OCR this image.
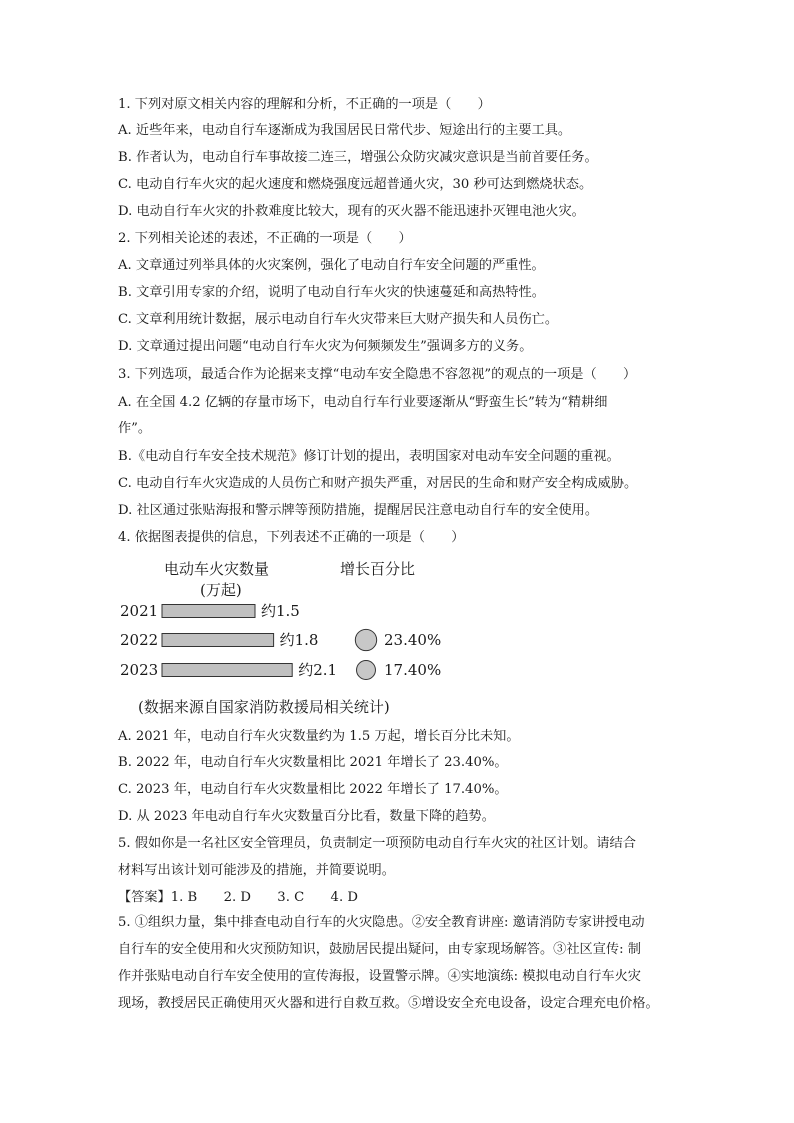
1. 下列对原文相关内容的理解和分析，不正确的一项是（　　）
A. 近些年来，电动自行车逐渐成为我国居民日常代步、短途出行的主要工具。
B. 作者认为，电动自行车事故接二连三，增强公众防灾减灾意识是当前首要任务。
C. 电动自行车火灾的起火速度和燃烧强度远超普通火灾，30 秒可达到燃烧状态。
D. 电动自行车火灾的扑救难度比较大，现有的灭火器不能迅速扑灭锂电池火灾。
2. 下列相关论述的表述，不正确的一项是（　　）
A. 文章通过列举具体的火灾案例，强化了电动自行车安全问题的严重性。
B. 文章引用专家的介绍，说明了电动自行车火灾的快速蔓延和高热特性。
C. 文章利用统计数据，展示电动自行车火灾带来巨大财产损失和人员伤亡。
D. 文章通过提出问题“电动自行车火灾为何频频发生”强调多方的义务。
3. 下列选项，最适合作为论据来支撑“电动车安全隐患不容忽视”的观点的一项是（　　）
A. 在全国 4.2 亿辆的存量市场下，电动自行车行业要逐渐从“野蛮生长”转为“精耕细
作”。
B.《电动自行车安全技术规范》修订计划的提出，表明国家对电动车安全问题的重视。
C. 电动自行车火灾造成的人员伤亡和财产损失严重，对居民的生命和财产安全构成威胁。
D. 社区通过张贴海报和警示牌等预防措施，提醒居民注意电动自行车的安全使用。
4. 依据图表提供的信息，下列表述不正确的一项是（　　）
A. 2021 年，电动自行车火灾数量约为 1.5 万起，增长百分比未知。
B. 2022 年，电动自行车火灾数量相比 2021 年增长了 23.40%。
C. 2023 年，电动自行车火灾数量相比 2022 年增长了 17.40%。
D. 从 2023 年电动自行车火灾数量百分比看，数量下降的趋势。
5. 假如你是一名社区安全管理员，负责制定一项预防电动自行车火灾的社区计划。请结合
材料写出该计划可能涉及的措施，并简要说明。
【答案】1. B　　2. D　　3. C　　4. D
5. ①组织力量，集中排查电动自行车的火灾隐患。②安全教育讲座: 邀请消防专家讲授电动
自行车的安全使用和火灾预防知识，鼓励居民提出疑问，由专家现场解答。③社区宣传: 制
作并张贴电动自行车安全使用的宣传海报，设置警示牌。④实地演练: 模拟电动自行车火灾
现场，教授居民正确使用灭火器和进行自救互救。⑤增设安全充电设备，设定合理充电价格。
电动车火灾数量
(万起)
增长百分比
2021	约1.5
2022	约1.8	23.40%
2023	约2.1	17.40%
(数据来源自国家消防救援局相关统计)
